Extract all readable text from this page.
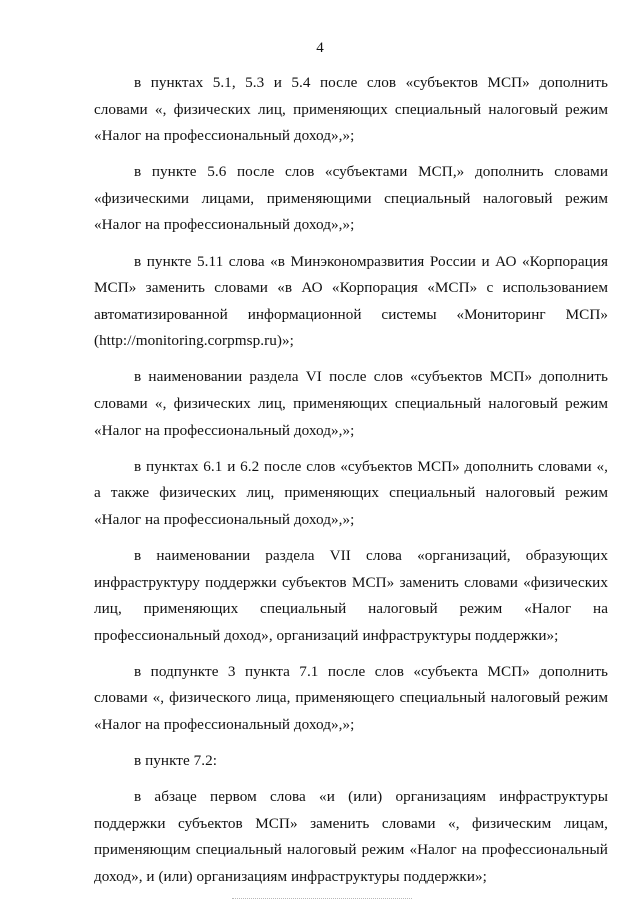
4

в пунктах 5.1, 5.3 и 5.4 после слов «субъектов МСП» дополнить словами «, физических лиц, применяющих специальный налоговый режим «Налог на профессиональный доход»,»;

в пункте 5.6 после слов «субъектами МСП,» дополнить словами «физическими лицами, применяющими специальный налоговый режим «Налог на профессиональный доход»,»;

в пункте 5.11 слова «в Минэкономразвития России и АО «Корпорация МСП» заменить словами «в АО «Корпорация «МСП» с использованием автоматизированной информационной системы «Мониторинг МСП» (http://monitoring.corpmsp.ru)»;

в наименовании раздела VI после слов «субъектов МСП» дополнить словами «, физических лиц, применяющих специальный налоговый режим «Налог на профессиональный доход»,»;

в пунктах 6.1 и 6.2 после слов «субъектов МСП» дополнить словами «, а также физических лиц, применяющих специальный налоговый режим «Налог на профессиональный доход»,»;

в наименовании раздела VII слова «организаций, образующих инфраструктуру поддержки субъектов МСП» заменить словами «физических лиц, применяющих специальный налоговый режим «Налог на профессиональный доход», организаций инфраструктуры поддержки»;

в подпункте 3 пункта 7.1 после слов «субъекта МСП» дополнить словами «, физического лица, применяющего специальный налоговый режим «Налог на профессиональный доход»,»;

в пункте 7.2:

в абзаце первом слова «и (или) организациям инфраструктуры поддержки субъектов МСП» заменить словами «, физическим лицам, применяющим специальный налоговый режим «Налог на профессиональный доход», и (или) организациям инфраструктуры поддержки»;
